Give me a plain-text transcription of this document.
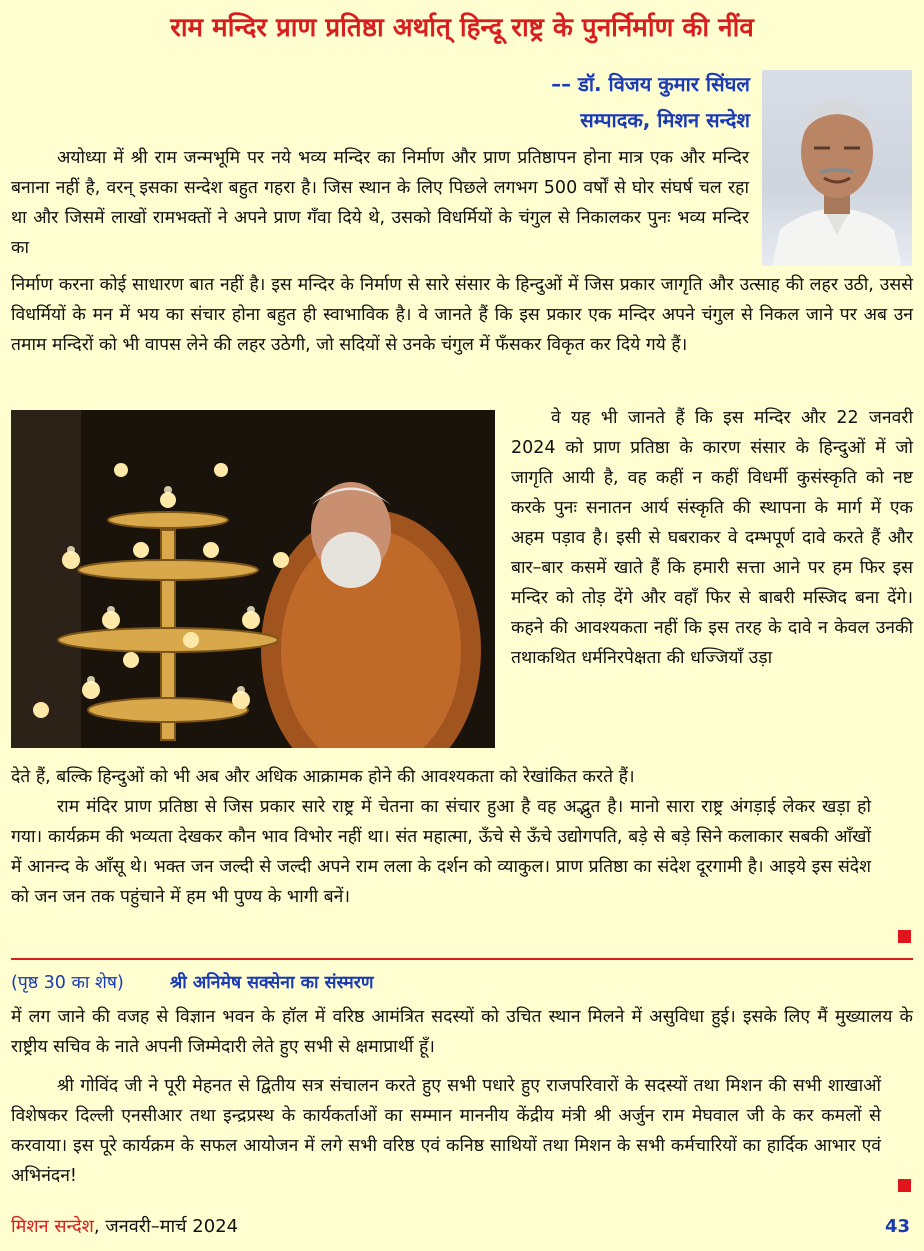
राम मन्दिर प्राण प्रतिष्ठा अर्थात् हिन्दू राष्ट्र के पुनर्निर्माण की नींव
–– डॉ. विजय कुमार सिंघल
सम्पादक, मिशन सन्देश

अयोध्या में श्री राम जन्मभूमि पर नये भव्य मन्दिर का निर्माण और प्राण प्रतिष्ठापन होना मात्र एक और मन्दिर बनाना नहीं है, वरन् इसका सन्देश बहुत गहरा है। जिस स्थान के लिए पिछले लगभग 500 वर्षों से घोर संघर्ष चल रहा था और जिसमें लाखों रामभक्तों ने अपने प्राण गँवा दिये थे, उसको विधर्मियों के चंगुल से निकालकर पुनः भव्य मन्दिर का

निर्माण करना कोई साधारण बात नहीं है। इस मन्दिर के निर्माण से सारे संसार के हिन्दुओं में जिस प्रकार जागृति और उत्साह की लहर उठी, उससे विधर्मियों के मन में भय का संचार होना बहुत ही स्वाभाविक है। वे जानते हैं कि इस प्रकार एक मन्दिर अपने चंगुल से निकल जाने पर अब उन तमाम मन्दिरों को भी वापस लेने की लहर उठेगी, जो सदियों से उनके चंगुल में फँसकर विकृत कर दिये गये हैं।

वे यह भी जानते हैं कि इस मन्दिर और 22 जनवरी 2024 को प्राण प्रतिष्ठा के कारण संसार के हिन्दुओं में जो जागृति आयी है, वह कहीं न कहीं विधर्मी कुसंस्कृति को नष्ट करके पुनः सनातन आर्य संस्कृति की स्थापना के मार्ग में एक अहम पड़ाव है। इसी से घबराकर वे दम्भपूर्ण दावे करते हैं और बार–बार कसमें खाते हैं कि हमारी सत्ता आने पर हम फिर इस मन्दिर को तोड़ देंगे और वहाँ फिर से बाबरी मस्जिद बना देंगे। कहने की आवश्यकता नहीं कि इस तरह के दावे न केवल उनकी तथाकथित धर्मनिरपेक्षता की धज्जियाँ उड़ा

देते हैं, बल्कि हिन्दुओं को भी अब और अधिक आक्रामक होने की आवश्यकता को रेखांकित करते हैं।

राम मंदिर प्राण प्रतिष्ठा से जिस प्रकार सारे राष्ट्र में चेतना का संचार हुआ है वह अद्भुत है। मानो सारा राष्ट्र अंगड़ाई लेकर खड़ा हो गया। कार्यक्रम की भव्यता देखकर कौन भाव विभोर नहीं था। संत महात्मा, ऊँचे से ऊँचे उद्योगपति, बड़े से बड़े सिने कलाकार सबकी आँखों में आनन्द के आँसू थे। भक्त जन जल्दी से जल्दी अपने राम लला के दर्शन को व्याकुल। प्राण प्रतिष्ठा का संदेश दूरगामी है। आइये इस संदेश को जन जन तक पहुंचाने में हम भी पुण्य के भागी बनें।

(पृष्ठ 30 का शेष)	श्री अनिमेष सक्सेना का संस्मरण

में लग जाने की वजह से विज्ञान भवन के हॉल में वरिष्ठ आमंत्रित सदस्यों को उचित स्थान मिलने में असुविधा हुई। इसके लिए मैं मुख्यालय के राष्ट्रीय सचिव के नाते अपनी जिम्मेदारी लेते हुए सभी से क्षमाप्रार्थी हूँ।

श्री गोविंद जी ने पूरी मेहनत से द्वितीय सत्र संचालन करते हुए सभी पधारे हुए राजपरिवारों के सदस्यों तथा मिशन की सभी शाखाओं विशेषकर दिल्ली एनसीआर तथा इन्द्रप्रस्थ के कार्यकर्ताओं का सम्मान माननीय केंद्रीय मंत्री श्री अर्जुन राम मेघवाल जी के कर कमलों से करवाया। इस पूरे कार्यक्रम के सफल आयोजन में लगे सभी वरिष्ठ एवं कनिष्ठ साथियों तथा मिशन के सभी कर्मचारियों का हार्दिक आभार एवं अभिनंदन!

मिशन सन्देश, जनवरी–मार्च 2024	43
